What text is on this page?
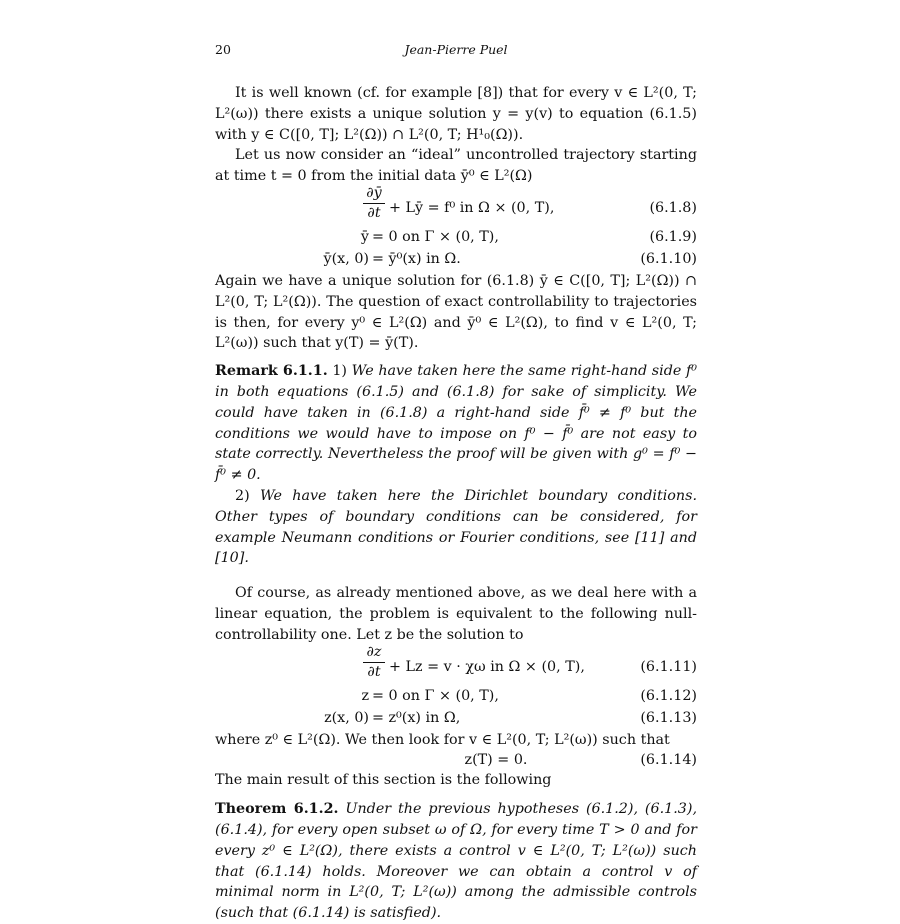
20	Jean-Pierre Puel

It is well known (cf. for example [8]) that for every v ∈ L²(0, T; L²(ω)) there exists a unique solution y = y(v) to equation (6.1.5) with y ∈ C([0, T]; L²(Ω)) ∩ L²(0, T; H¹₀(Ω)).

Let us now consider an “ideal” uncontrolled trajectory starting at time t = 0 from the initial data ȳ⁰ ∈ L²(Ω)

∂ȳ
∂t + Lȳ = f⁰ in Ω × (0, T),	(6.1.8)
ȳ = 0 on Γ × (0, T),	(6.1.9)
ȳ(x, 0) = ȳ⁰(x) in Ω.	(6.1.10)

Again we have a unique solution for (6.1.8) ȳ ∈ C([0, T]; L²(Ω)) ∩ L²(0, T; L²(Ω)). The question of exact controllability to trajectories is then, for every y⁰ ∈ L²(Ω) and ȳ⁰ ∈ L²(Ω), to find v ∈ L²(0, T; L²(ω)) such that y(T) = ȳ(T).

Remark 6.1.1. 1) We have taken here the same right-hand side f⁰ in both equations (6.1.5) and (6.1.8) for sake of simplicity. We could have taken in (6.1.8) a right-hand side f̄⁰ ≠ f⁰ but the conditions we would have to impose on f⁰ − f̄⁰ are not easy to state correctly. Nevertheless the proof will be given with g⁰ = f⁰ − f̄⁰ ≠ 0.

2) We have taken here the Dirichlet boundary conditions. Other types of boundary conditions can be considered, for example Neumann conditions or Fourier conditions, see [11] and [10].

Of course, as already mentioned above, as we deal here with a linear equation, the problem is equivalent to the following null-controllability one. Let z be the solution to

∂z
∂t + Lz = v · χω in Ω × (0, T),	(6.1.11)
z = 0 on Γ × (0, T),	(6.1.12)
z(x, 0) = z⁰(x) in Ω,	(6.1.13)

where z⁰ ∈ L²(Ω). We then look for v ∈ L²(0, T; L²(ω)) such that

z(T) = 0.	(6.1.14)

The main result of this section is the following

Theorem 6.1.2. Under the previous hypotheses (6.1.2), (6.1.3), (6.1.4), for every open subset ω of Ω, for every time T > 0 and for every z⁰ ∈ L²(Ω), there exists a control v ∈ L²(0, T; L²(ω)) such that (6.1.14) holds. Moreover we can obtain a control v of minimal norm in L²(0, T; L²(ω)) among the admissible controls (such that (6.1.14) is satisfied).
